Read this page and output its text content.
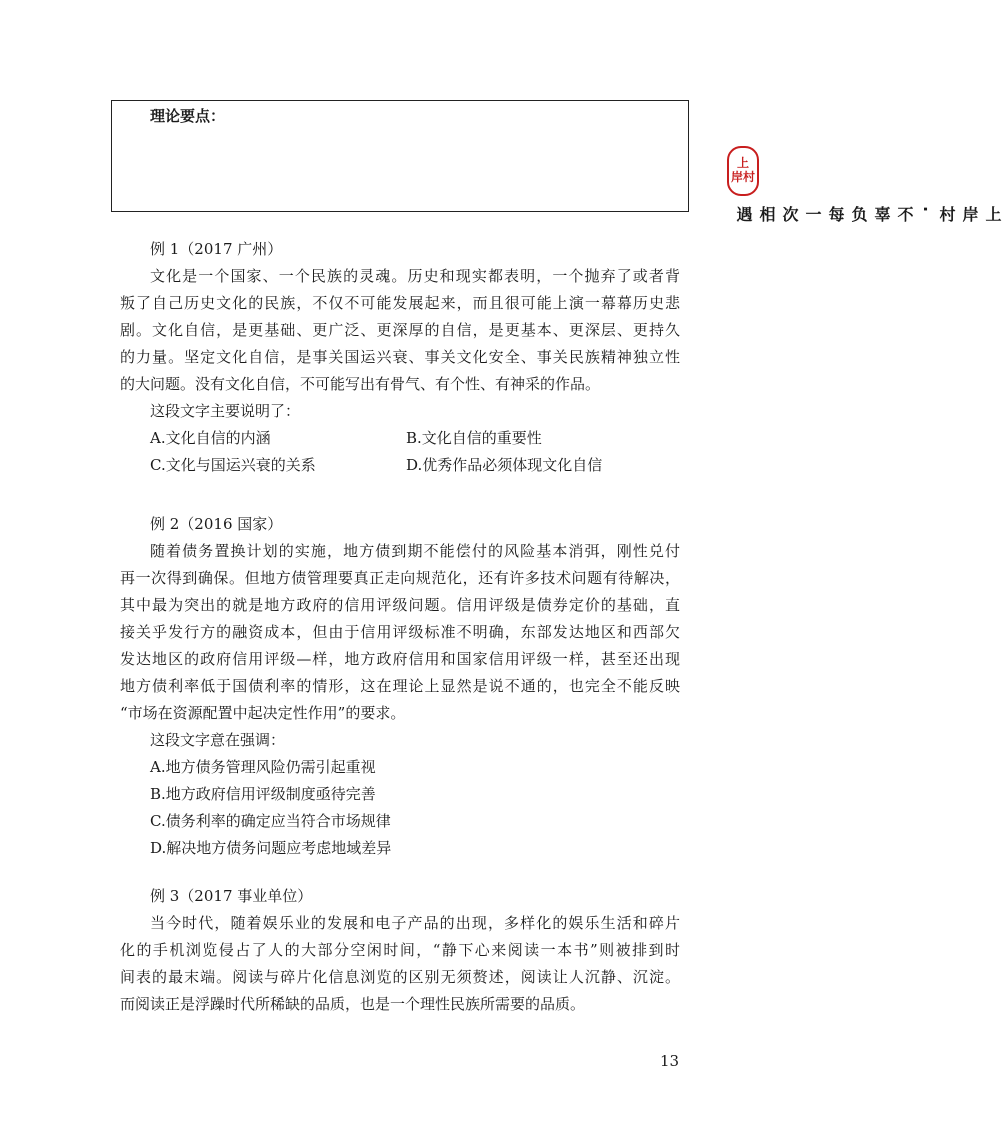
理论要点：
上
岸村
上岸村·不辜负每一次相遇
例 1（2017 广州）
文化是一个国家、一个民族的灵魂。历史和现实都表明，一个抛弃了或者背
叛了自己历史文化的民族，不仅不可能发展起来，而且很可能上演一幕幕历史悲
剧。文化自信，是更基础、更广泛、更深厚的自信，是更基本、更深层、更持久
的力量。坚定文化自信，是事关国运兴衰、事关文化安全、事关民族精神独立性
的大问题。没有文化自信，不可能写出有骨气、有个性、有神采的作品。
这段文字主要说明了：
A.文化自信的内涵	B.文化自信的重要性
C.文化与国运兴衰的关系	D.优秀作品必须体现文化自信
例 2（2016 国家）
随着债务置换计划的实施，地方债到期不能偿付的风险基本消弭，刚性兑付
再一次得到确保。但地方债管理要真正走向规范化，还有许多技术问题有待解决，
其中最为突出的就是地方政府的信用评级问题。信用评级是债券定价的基础，直
接关乎发行方的融资成本，但由于信用评级标准不明确，东部发达地区和西部欠
发达地区的政府信用评级—样，地方政府信用和国家信用评级一样，甚至还出现
地方债利率低于国债利率的情形，这在理论上显然是说不通的，也完全不能反映
“市场在资源配置中起决定性作用”的要求。
这段文字意在强调：
A.地方债务管理风险仍需引起重视
B.地方政府信用评级制度亟待完善
C.债务利率的确定应当符合市场规律
D.解决地方债务问题应考虑地域差异
例 3（2017 事业单位）
当今时代，随着娱乐业的发展和电子产品的出现，多样化的娱乐生活和碎片
化的手机浏览侵占了人的大部分空闲时间，“静下心来阅读一本书”则被排到时
间表的最末端。阅读与碎片化信息浏览的区别无须赘述，阅读让人沉静、沉淀。
而阅读正是浮躁时代所稀缺的品质，也是一个理性民族所需要的品质。
13
